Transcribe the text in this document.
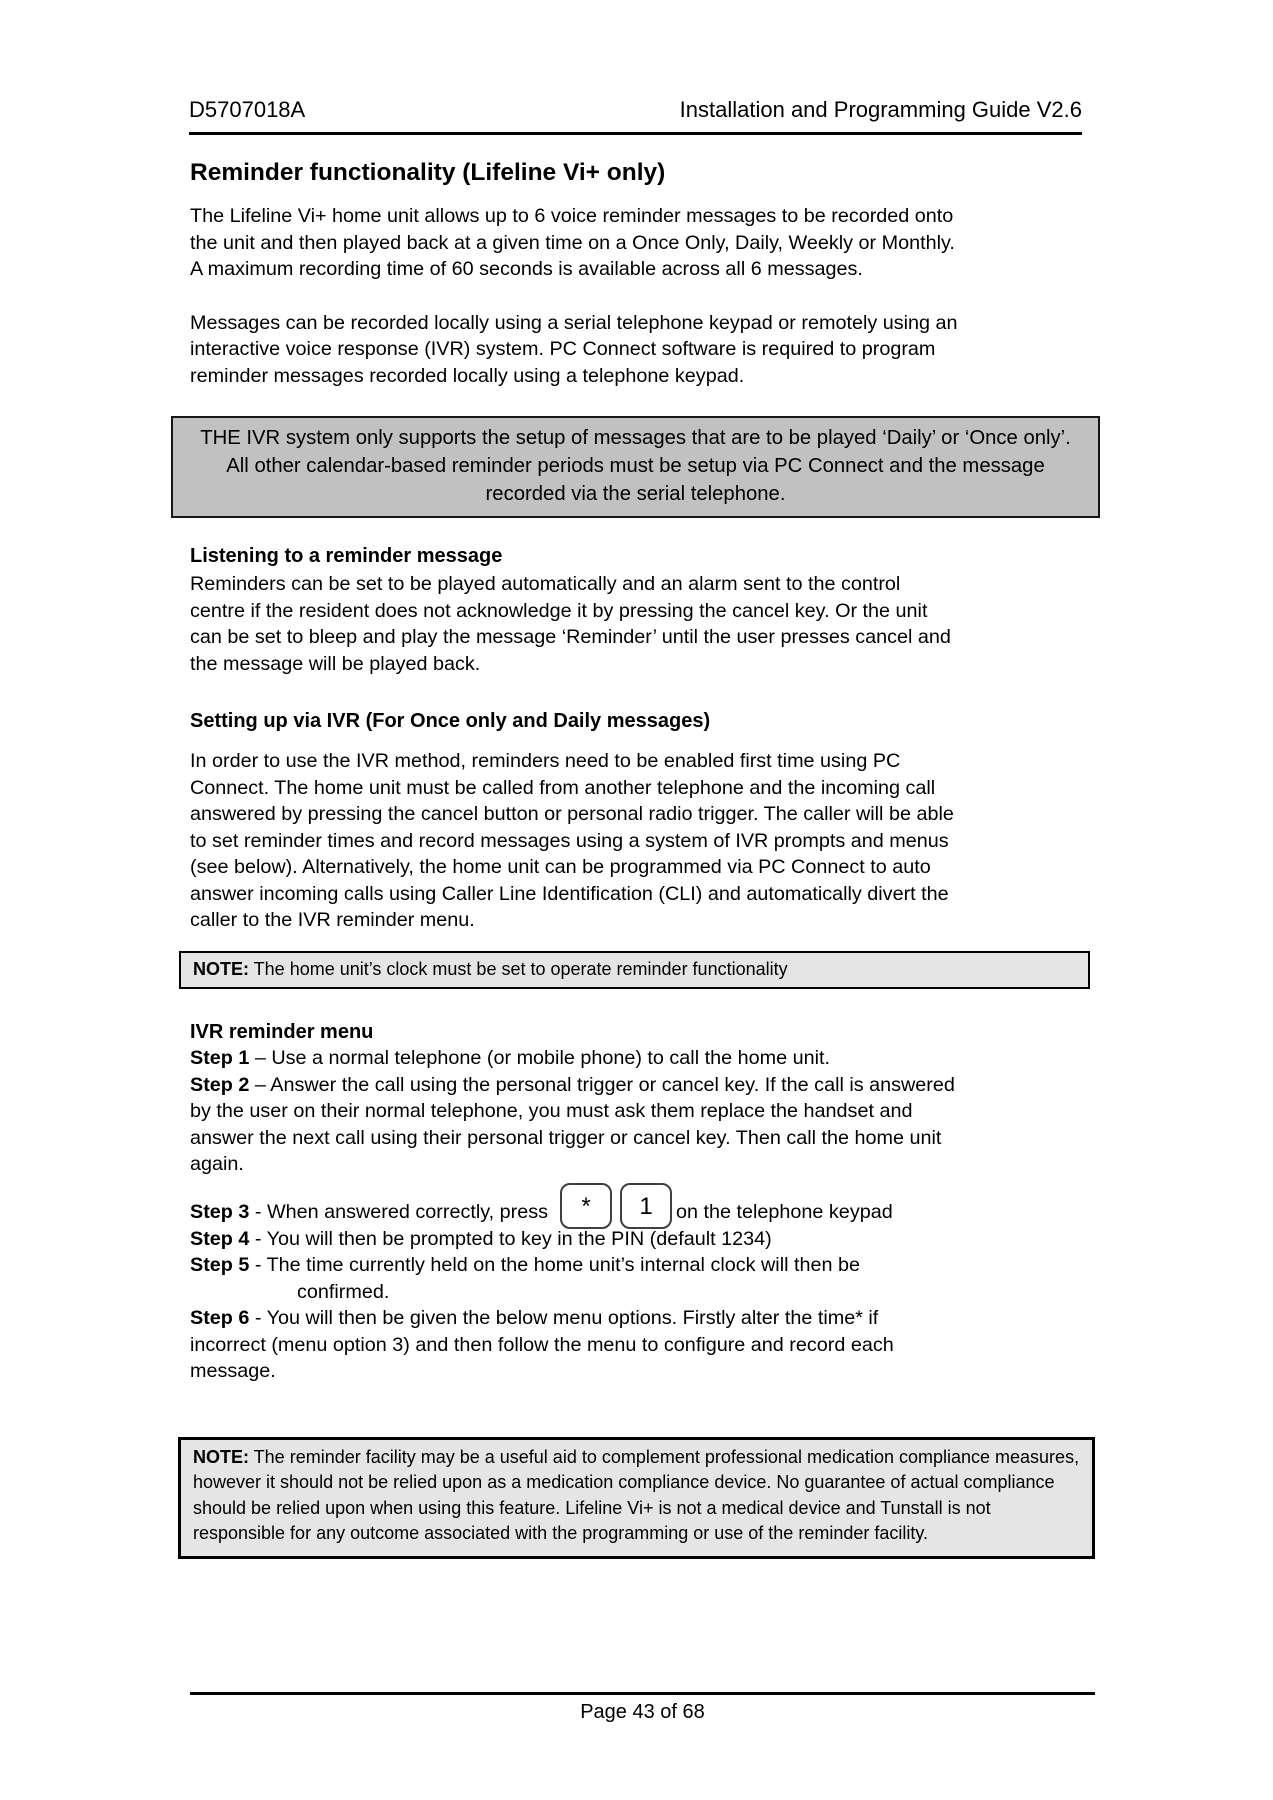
D5707018A	Installation and Programming Guide V2.6
Reminder functionality (Lifeline Vi+ only)

The Lifeline Vi+ home unit allows up to 6 voice reminder messages to be recorded onto the unit and then played back at a given time on a Once Only, Daily, Weekly or Monthly. A maximum recording time of 60 seconds is available across all 6 messages.

Messages can be recorded locally using a serial telephone keypad or remotely using an interactive voice response (IVR) system. PC Connect software is required to program reminder messages recorded locally using a telephone keypad.

THE IVR system only supports the setup of messages that are to be played ‘Daily’ or ‘Once only’. All other calendar-based reminder periods must be setup via PC Connect and the message recorded via the serial telephone.
Listening to a reminder message

Reminders can be set to be played automatically and an alarm sent to the control centre if the resident does not acknowledge it by pressing the cancel key. Or the unit can be set to bleep and play the message ‘Reminder’ until the user presses cancel and the message will be played back.

Setting up via IVR (For Once only and Daily messages)

In order to use the IVR method, reminders need to be enabled first time using PC Connect. The home unit must be called from another telephone and the incoming call answered by pressing the cancel button or personal radio trigger. The caller will be able to set reminder times and record messages using a system of IVR prompts and menus (see below). Alternatively, the home unit can be programmed via PC Connect to auto answer incoming calls using Caller Line Identification (CLI) and automatically divert the caller to the IVR reminder menu.

NOTE: The home unit’s clock must be set to operate reminder functionality
IVR reminder menu
Step 1 – Use a normal telephone (or mobile phone) to call the home unit.
Step 2 – Answer the call using the personal trigger or cancel key. If the call is answered by the user on their normal telephone, you must ask them replace the handset and answer the next call using their personal trigger or cancel key. Then call the home unit again.
Step 3 - When answered correctly, press * 1 on the telephone keypad
Step 4 - You will then be prompted to key in the PIN (default 1234)
Step 5 - The time currently held on the home unit’s internal clock will then be
confirmed.
Step 6 - You will then be given the below menu options. Firstly alter the time* if incorrect (menu option 3) and then follow the menu to configure and record each message.
NOTE: The reminder facility may be a useful aid to complement professional medication compliance measures, however it should not be relied upon as a medication compliance device. No guarantee of actual compliance should be relied upon when using this feature. Lifeline Vi+ is not a medical device and Tunstall is not responsible for any outcome associated with the programming or use of the reminder facility.
Page 43 of 68
